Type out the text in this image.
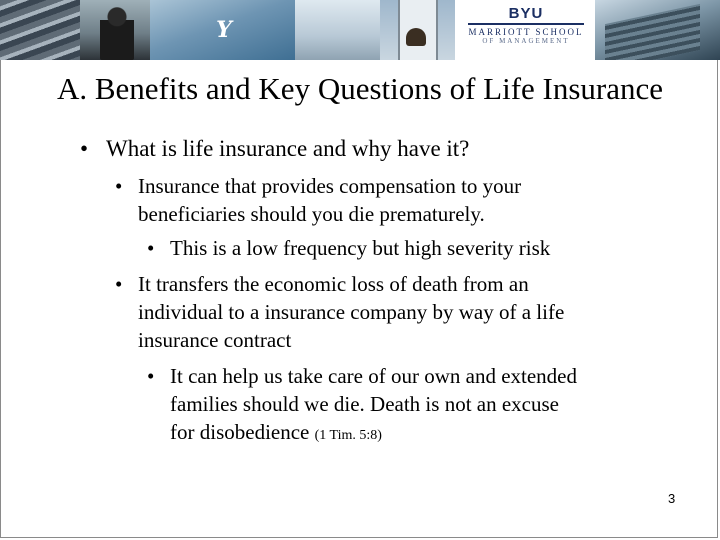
Y
BYU
MARRIOTT SCHOOL
OF MANAGEMENT
A. Benefits and Key Questions of Life Insurance
• What is life insurance and why have it?
• Insurance that provides compensation to your
beneficiaries should you die prematurely.
• This is a low frequency but high severity risk
• It transfers the economic loss of death from an
individual to a insurance company by way of a life
insurance contract
• It can help us take care of our own and extended
families should we die. Death is not an excuse
for disobedience (1 Tim. 5:8)
3
